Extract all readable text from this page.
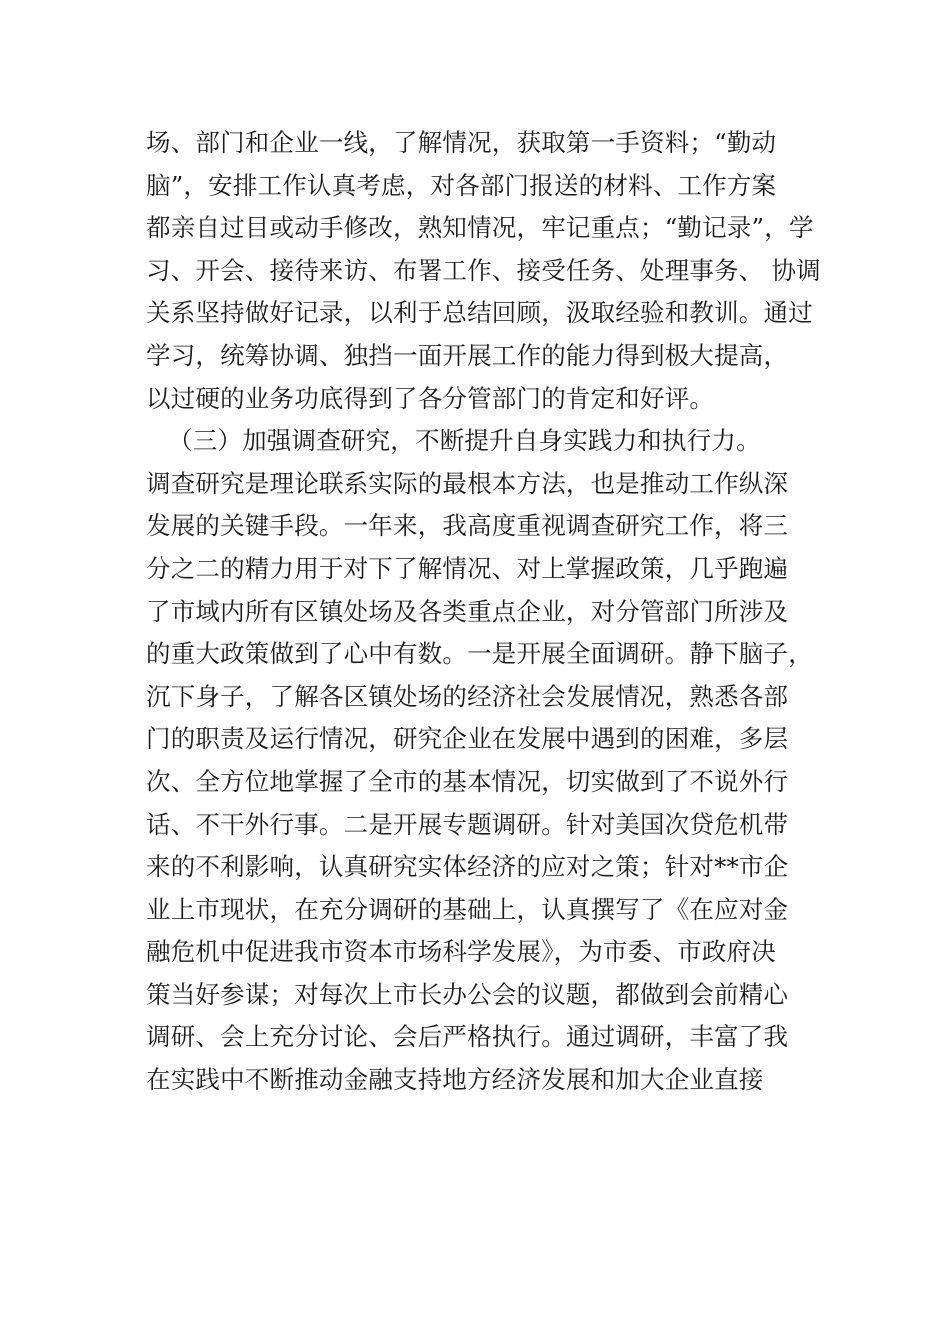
场、部门和企业一线，了解情况，获取第一手资料；“勤动
脑”，安排工作认真考虑，对各部门报送的材料、工作方案
都亲自过目或动手修改，熟知情况，牢记重点；“勤记录”，学
习、开会、接待来访、布署工作、接受任务、处理事务、 协调
关系坚持做好记录，以利于总结回顾，汲取经验和教训。通过
学习，统筹协调、独挡一面开展工作的能力得到极大提高，
以过硬的业务功底得到了各分管部门的肯定和好评。
（三）加强调查研究，不断提升自身实践力和执行力。
调查研究是理论联系实际的最根本方法，也是推动工作纵深
发展的关键手段。一年来，我高度重视调查研究工作，将三
分之二的精力用于对下了解情况、对上掌握政策，几乎跑遍
了市域内所有区镇处场及各类重点企业，对分管部门所涉及
的重大政策做到了心中有数。一是开展全面调研。静下脑子，
沉下身子，了解各区镇处场的经济社会发展情况，熟悉各部
门的职责及运行情况，研究企业在发展中遇到的困难，多层
次、全方位地掌握了全市的基本情况，切实做到了不说外行
话、不干外行事。二是开展专题调研。针对美国次贷危机带
来的不利影响，认真研究实体经济的应对之策；针对**市企
业上市现状，在充分调研的基础上，认真撰写了《在应对金
融危机中促进我市资本市场科学发展》，为市委、市政府决
策当好参谋；对每次上市长办公会的议题，都做到会前精心
调研、会上充分讨论、会后严格执行。通过调研，丰富了我
在实践中不断推动金融支持地方经济发展和加大企业直接
